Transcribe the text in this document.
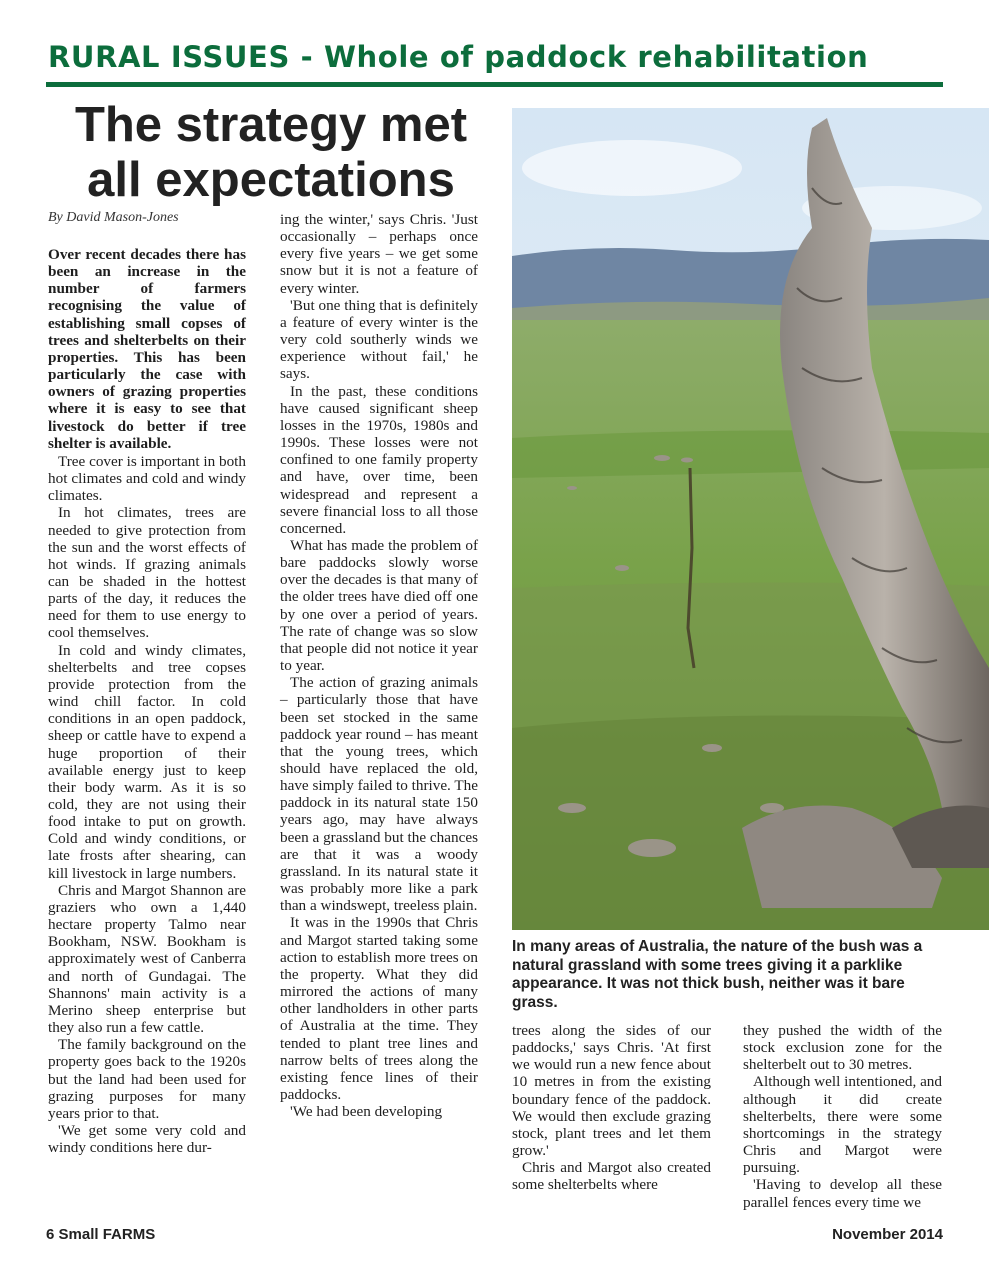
RURAL ISSUES - Whole of paddock rehabilitation
The strategy met
all expectations
By David Mason-Jones

Over recent decades there has been an increase in the number of farmers recognising the value of establishing small copses of trees and shelterbelts on their properties. This has been particularly the case with owners of grazing properties where it is easy to see that livestock do better if tree shelter is available.

Tree cover is important in both hot climates and cold and windy climates.

In hot climates, trees are needed to give protection from the sun and the worst effects of hot winds. If grazing animals can be shaded in the hottest parts of the day, it reduces the need for them to use energy to cool themselves.

In cold and windy climates, shelterbelts and tree copses provide protection from the wind chill factor. In cold conditions in an open paddock, sheep or cattle have to expend a huge proportion of their available energy just to keep their body warm. As it is so cold, they are not using their food intake to put on growth. Cold and windy conditions, or late frosts after shearing, can kill livestock in large numbers.

Chris and Margot Shannon are graziers who own a 1,440 hectare property Talmo near Bookham, NSW. Bookham is approximately west of Canberra and north of Gundagai. The Shannons' main activity is a Merino sheep enterprise but they also run a few cattle.

The family background on the property goes back to the 1920s but the land had been used for grazing purposes for many years prior to that.

'We get some very cold and windy conditions here dur-

ing the winter,' says Chris. 'Just occasionally – perhaps once every five years – we get some snow but it is not a feature of every winter.

'But one thing that is definitely a feature of every winter is the very cold southerly winds we experience without fail,' he says.

In the past, these conditions have caused significant sheep losses in the 1970s, 1980s and 1990s. These losses were not confined to one family property and have, over time, been widespread and represent a severe financial loss to all those concerned.

What has made the problem of bare paddocks slowly worse over the decades is that many of the older trees have died off one by one over a period of years. The rate of change was so slow that people did not notice it year to year.

The action of grazing animals – particularly those that have been set stocked in the same paddock year round – has meant that the young trees, which should have replaced the old, have simply failed to thrive. The paddock in its natural state 150 years ago, may have always been a grassland but the chances are that it was a woody grassland. In its natural state it was probably more like a park than a windswept, treeless plain.

It was in the 1990s that Chris and Margot started taking some action to establish more trees on the property. What they did mirrored the actions of many other landholders in other parts of Australia at the time. They tended to plant tree lines and narrow belts of trees along the existing fence lines of their paddocks.

'We had been developing

In many areas of Australia, the nature of the bush was a natural grassland with some trees giving it a parklike appearance. It was not thick bush, neither was it bare grass.

trees along the sides of our paddocks,' says Chris. 'At first we would run a new fence about 10 metres in from the existing boundary fence of the paddock. We would then exclude grazing stock, plant trees and let them grow.'

Chris and Margot also created some shelterbelts where

they pushed the width of the stock exclusion zone for the shelterbelt out to 30 metres.

Although well intentioned, and although it did create shelterbelts, there were some shortcomings in the strategy Chris and Margot were pursuing.

'Having to develop all these parallel fences every time we

6 Small FARMS	November 2014
